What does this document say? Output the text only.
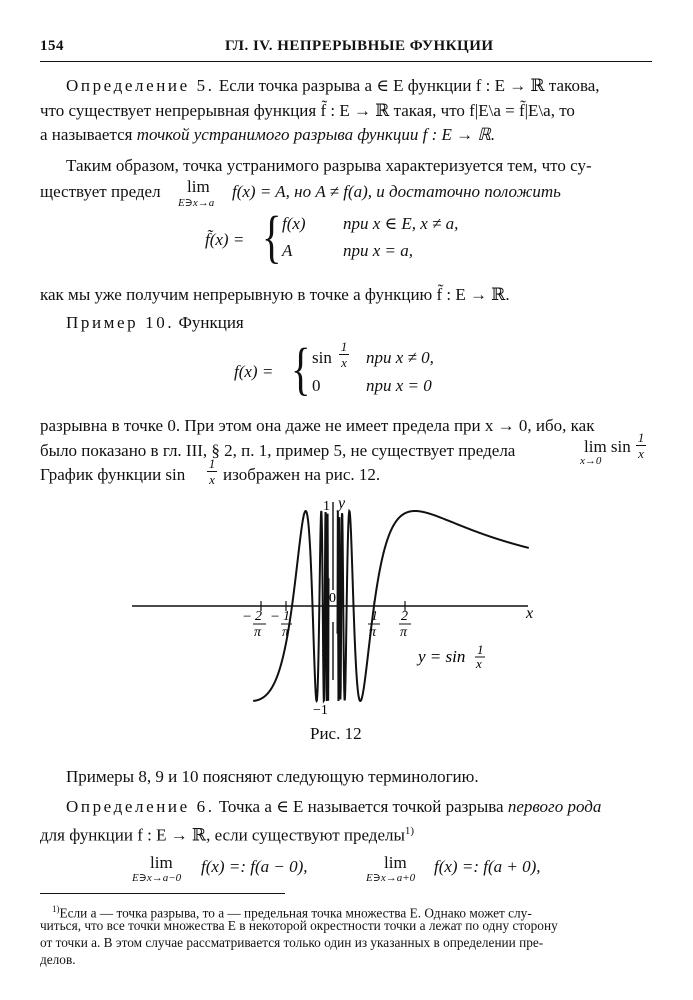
154	ГЛ. IV. НЕПРЕРЫВНЫЕ ФУНКЦИИ
Определение 5. Если точка разрыва a ∈ E функции f : E → ℝ такова,
что существует непрерывная функция f̃ : E → ℝ такая, что f|E\a = f̃|E\a, то
a называется точкой устранимого разрыва функции f : E → ℝ.
Таким образом, точка устранимого разрыва характеризуется тем, что су-
ществует предел lim
E∋x→a
f(x) = A, но A ≠ f(a), и достаточно положить
f̃(x) = { f(x) при x ∈ E, x ≠ a,
A	при x = a,
как мы уже получим непрерывную в точке a функцию f̃ : E → ℝ.
Пример 10. Функция
f(x) = { sin
1
x при x ≠ 0,
0	при x = 0
разрывна в точке 0. При этом она даже не имеет предела при x → 0, ибо, как
было показано в гл. III, § 2, п. 1, пример 5, не существует предела	lim sin
x→0
1
x
График функции sin
1
x изображен на рис. 12.
− 2
π
− 1
π
1
π
2
π
x
y
1
−1
0
y = sin 1
x
Рис. 12
Примеры 8, 9 и 10 поясняют следующую терминологию.
Определение 6. Точка a ∈ E называется точкой разрыва первого рода
для функции f : E → ℝ, если существуют пределы$^{1)}$
lim
E∋x→a−0
f(x) =: f(a − 0),	lim
E∋x→a+0
f(x) =: f(a + 0),
$^{1)}$Если a — точка разрыва, то a — предельная точка множества E. Однако может слу-
читься, что все точки множества E в некоторой окрестности точки a лежат по одну сторону
от точки a. В этом случае рассматривается только один из указанных в определении пре-
делов.
